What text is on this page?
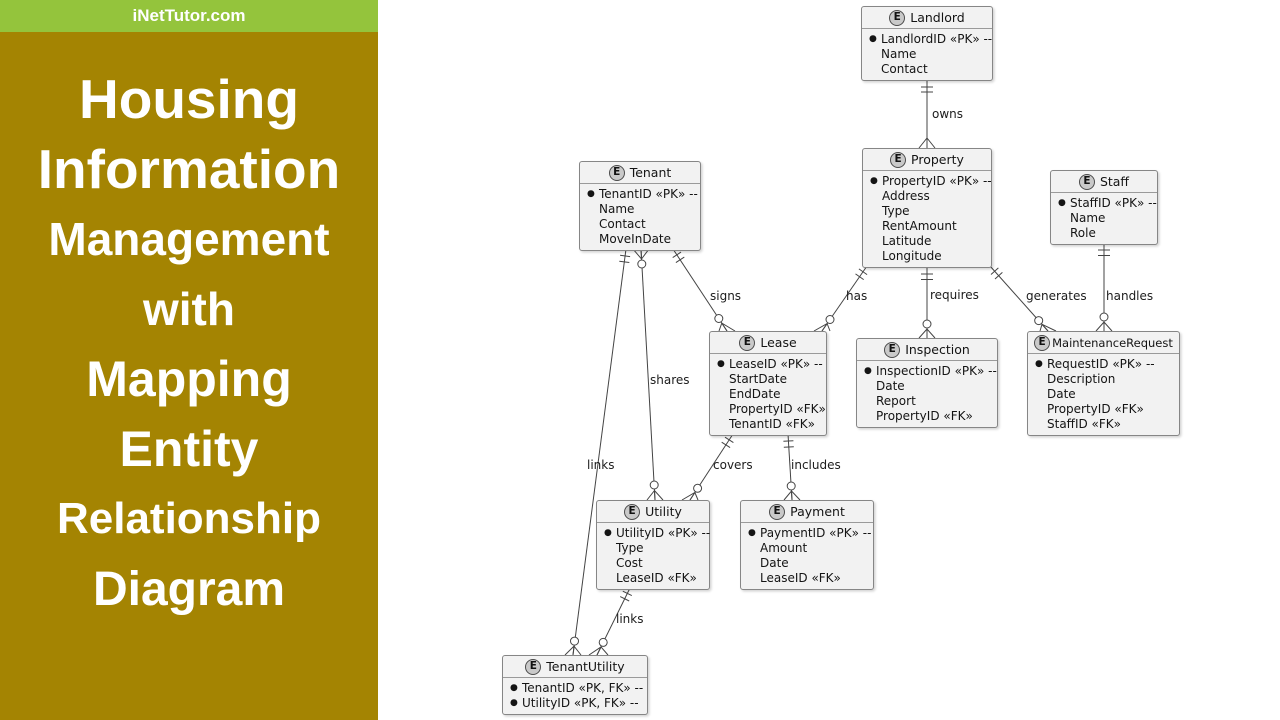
iNetTutor.com
Housing
Information
Management
with
Mapping
Entity
Relationship
Diagram
owns
signs	has	requires	generates handles
shares
links	covers	includes
links
E Landlord
● LandlordID «PK» --
Name
Contact
E Tenant
● TenantID «PK» --
Name
Contact
MoveInDate
E Property
● PropertyID «PK» --
Address
Type
RentAmount
Latitude
Longitude
E Staff
● StaffID «PK» --
Name
Role
E Lease
● LeaseID «PK» --
StartDate
EndDate
PropertyID «FK»
TenantID «FK»
E Inspection
● InspectionID «PK» --
Date
Report
PropertyID «FK»
E MaintenanceRequest
● RequestID «PK» --
Description
Date
PropertyID «FK»
StaffID «FK»
E Utility
● UtilityID «PK» --
Type
Cost
LeaseID «FK»
E Payment
● PaymentID «PK» --
Amount
Date
LeaseID «FK»
E TenantUtility
● TenantID «PK, FK» --
● UtilityID «PK, FK» --
